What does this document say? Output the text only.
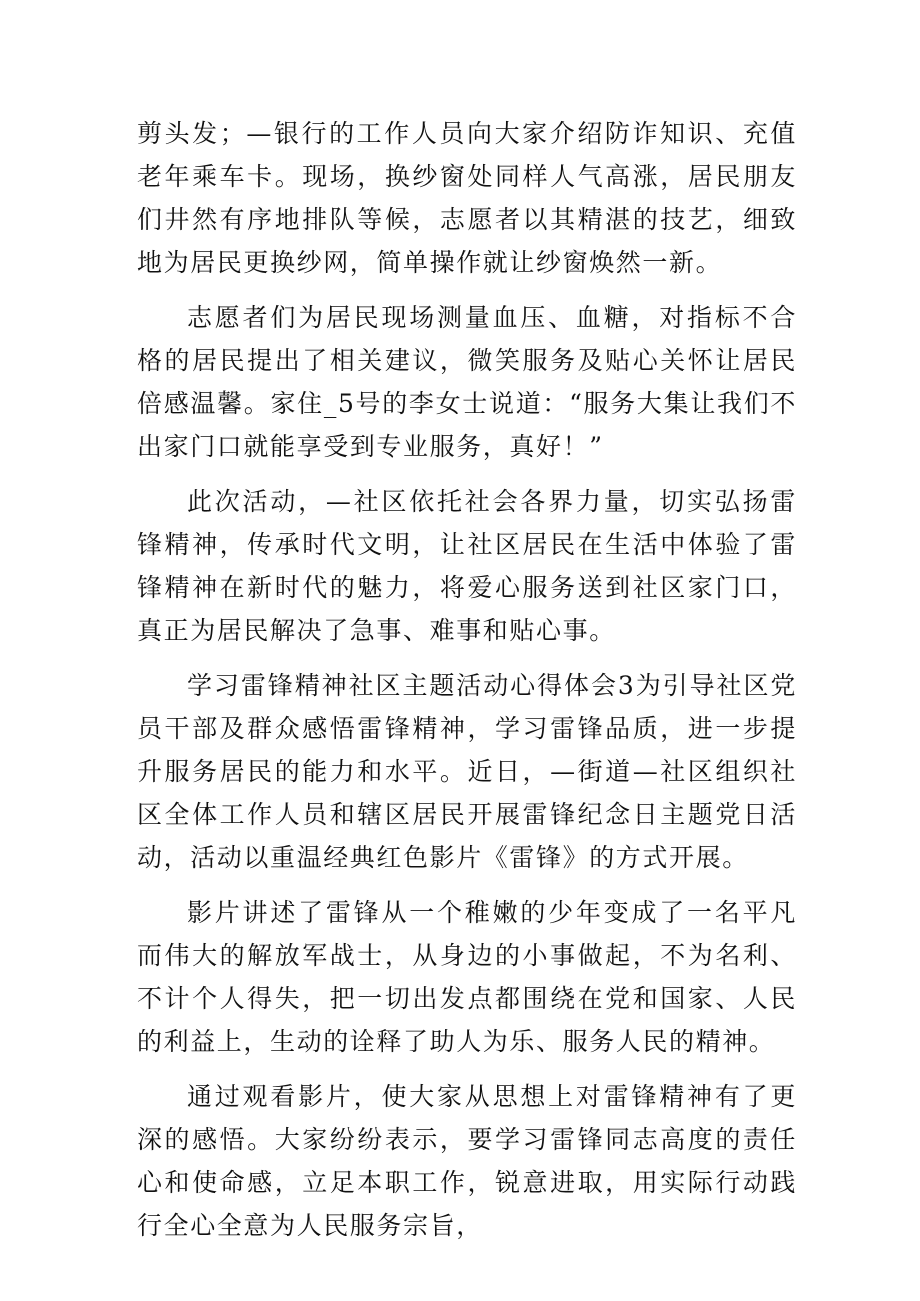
剪头发；—银行的工作人员向大家介绍防诈知识、充值老年乘车卡。现场，换纱窗处同样人气高涨，居民朋友们井然有序地排队等候，志愿者以其精湛的技艺，细致地为居民更换纱网，简单操作就让纱窗焕然一新。

志愿者们为居民现场测量血压、血糖，对指标不合格的居民提出了相关建议，微笑服务及贴心关怀让居民倍感温馨。家住_5号的李女士说道：“服务大集让我们不出家门口就能享受到专业服务，真好！”

此次活动，—社区依托社会各界力量，切实弘扬雷锋精神，传承时代文明，让社区居民在生活中体验了雷锋精神在新时代的魅力，将爱心服务送到社区家门口，真正为居民解决了急事、难事和贴心事。

学习雷锋精神社区主题活动心得体会3为引导社区党员干部及群众感悟雷锋精神，学习雷锋品质，进一步提升服务居民的能力和水平。近日，—街道—社区组织社区全体工作人员和辖区居民开展雷锋纪念日主题党日活动，活动以重温经典红色影片《雷锋》的方式开展。

影片讲述了雷锋从一个稚嫩的少年变成了一名平凡而伟大的解放军战士，从身边的小事做起，不为名利、不计个人得失，把一切出发点都围绕在党和国家、人民的利益上，生动的诠释了助人为乐、服务人民的精神。

通过观看影片，使大家从思想上对雷锋精神有了更深的感悟。大家纷纷表示，要学习雷锋同志高度的责任心和使命感，立足本职工作，锐意进取，用实际行动践行全心全意为人民服务宗旨，
